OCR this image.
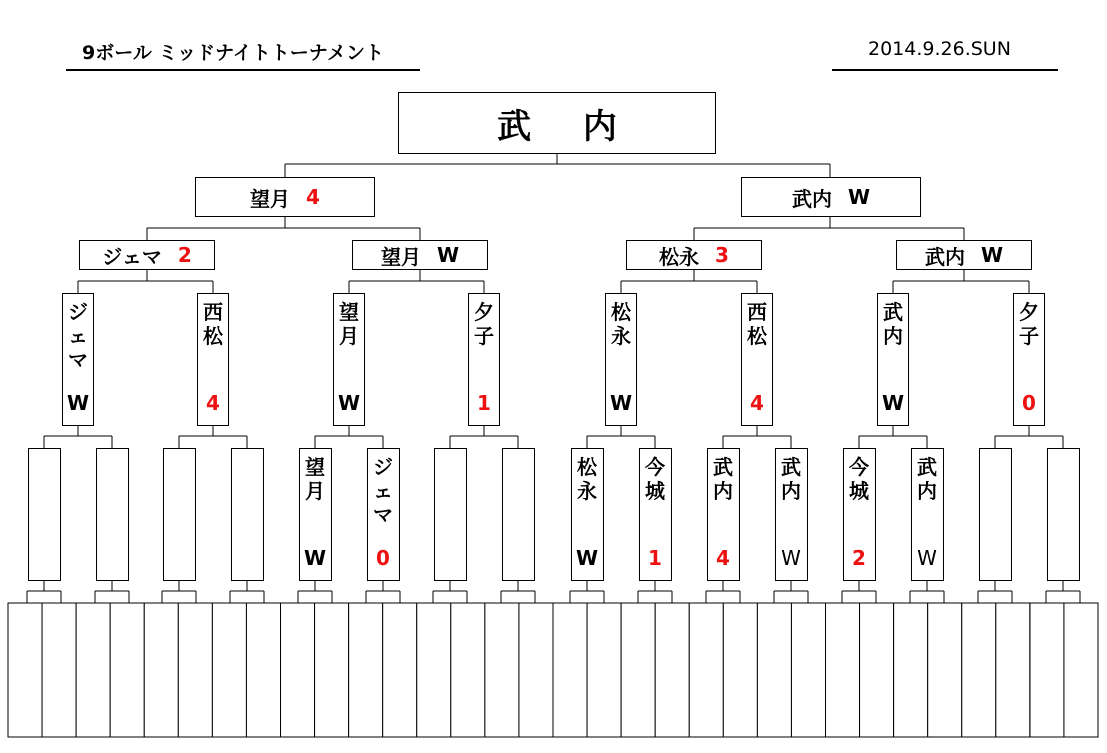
9ボール ミッドナイトトーナメント	2014.9.26.SUN
武 内
望月 4	武内 W
ジェマ 2	望月 W	松永 3	武内 W
ジェマ
W
西松
4
望月
W
夕子
1
松永
W
西松
4
武内
W
夕子
0
望月
W
ジェマ
0
松永
W
今城
1
武内
4
武内
W
今城
2
武内
W
